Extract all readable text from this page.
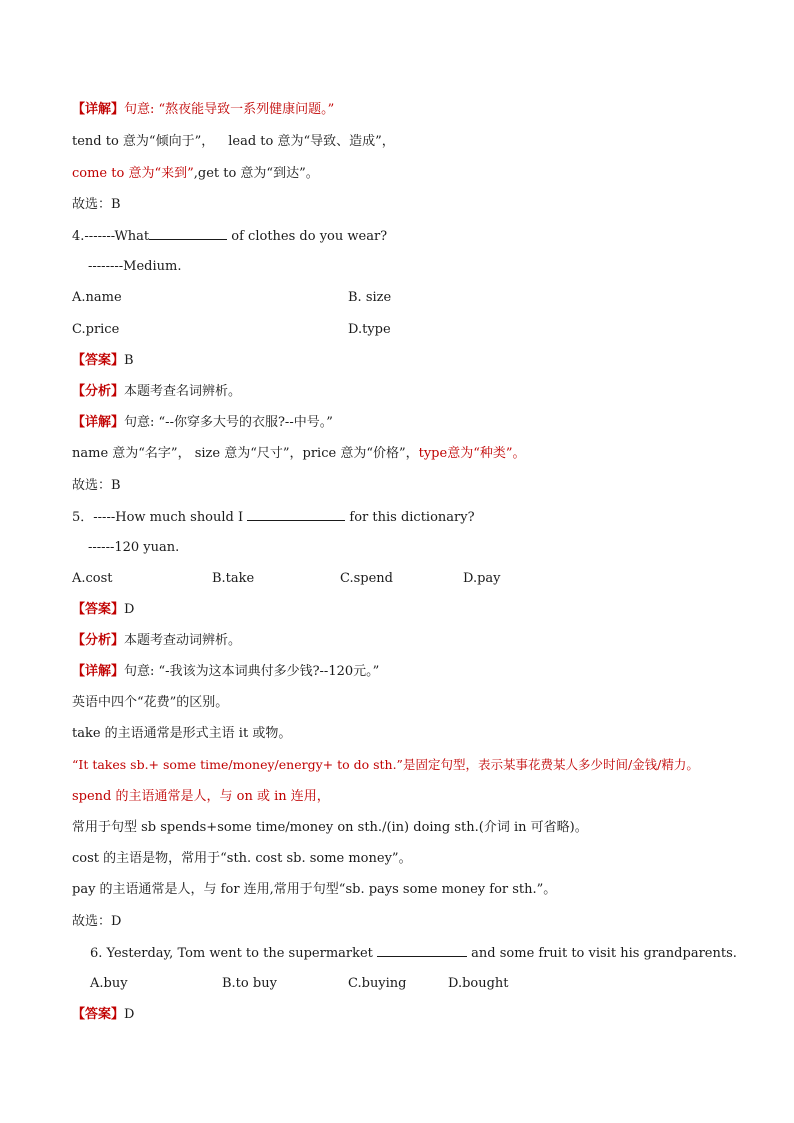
【详解】句意: “熬夜能导致一系列健康问题。”
tend to 意为“倾向于”， lead to 意为“导致、造成”，
come to 意为“来到”,get to 意为“到达”。
故选：B
4.-------What	of clothes do you wear?
--------Medium.
A.name	B. size
C.price	D.type
【答案】B
【分析】本题考查名词辨析。
【详解】句意: “--你穿多大号的衣服?--中号。”
name 意为“名字”， size 意为“尺寸”，price 意为“价格”，type意为“种类”。
故选：B
5．-----How much should I	for this dictionary?
------120 yuan.
A.cost	B.take	C.spend	D.pay
【答案】D
【分析】本题考查动词辨析。
【详解】句意: “-我该为这本词典付多少钱?--120元。”
英语中四个“花费”的区别。
take 的主语通常是形式主语 it 或物。
“It takes sb.+ some time/money/energy+ to do sth.”是固定句型，表示某事花费某人多少时间/金钱/精力。
spend 的主语通常是人，与 on 或 in 连用，
常用于句型 sb spends+some time/money on sth./(in) doing sth.(介词 in 可省略)。
cost 的主语是物，常用于“sth. cost sb. some money”。
pay 的主语通常是人，与 for 连用,常用于句型“sb. pays some money for sth.”。
故选：D
6. Yesterday, Tom went to the supermarket	and some fruit to visit his grandparents.
A.buy	B.to buy	C.buying	D.bought
【答案】D
